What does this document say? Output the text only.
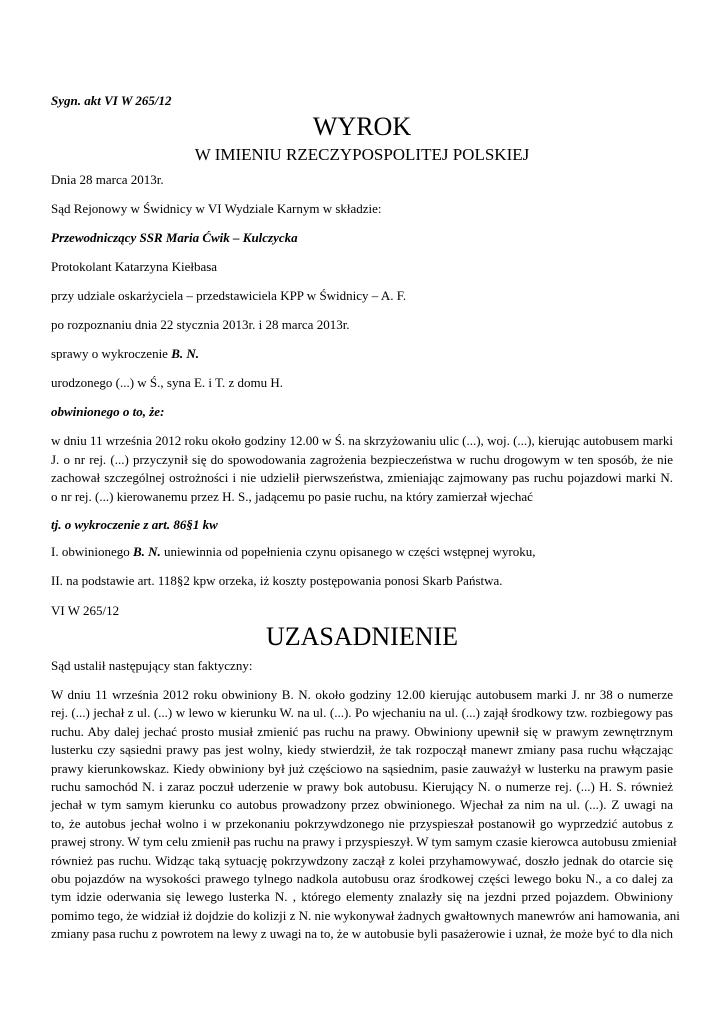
Sygn. akt VI W 265/12
WYROK
W IMIENIU RZECZYPOSPOLITEJ POLSKIEJ
Dnia 28 marca 2013r.
Sąd Rejonowy w Świdnicy w VI Wydziale Karnym w składzie:
Przewodniczący SSR Maria Ćwik – Kulczycka
Protokolant Katarzyna Kiełbasa
przy udziale oskarżyciela – przedstawiciela KPP w Świdnicy – A. F.
po rozpoznaniu dnia 22 stycznia 2013r. i 28 marca 2013r.
sprawy o wykroczenie B. N.
urodzonego (...) w Ś., syna E. i T. z domu H.
obwinionego o to, że:
w dniu 11 września 2012 roku około godziny 12.00 w Ś. na skrzyżowaniu ulic (...), woj. (...), kierując autobusem marki
J. o nr rej. (...) przyczynił się do spowodowania zagrożenia bezpieczeństwa w ruchu drogowym w ten sposób, że nie
zachował szczególnej ostrożności i nie udzielił pierwszeństwa, zmieniając zajmowany pas ruchu pojazdowi marki N.
o nr rej. (...) kierowanemu przez H. S., jadącemu po pasie ruchu, na który zamierzał wjechać
tj. o wykroczenie z art. 86§1 kw
I. obwinionego B. N. uniewinnia od popełnienia czynu opisanego w części wstępnej wyroku,
II. na podstawie art. 118§2 kpw orzeka, iż koszty postępowania ponosi Skarb Państwa.
VI W 265/12
UZASADNIENIE
Sąd ustalił następujący stan faktyczny:
W dniu 11 września 2012 roku obwiniony B. N. około godziny 12.00 kierując autobusem marki J. nr 38 o numerze
rej. (...) jechał z ul. (...) w lewo w kierunku W. na ul. (...). Po wjechaniu na ul. (...) zajął środkowy tzw. rozbiegowy pas
ruchu. Aby dalej jechać prosto musiał zmienić pas ruchu na prawy. Obwiniony upewnił się w prawym zewnętrznym
lusterku czy sąsiedni prawy pas jest wolny, kiedy stwierdził, że tak rozpoczął manewr zmiany pasa ruchu włączając
prawy kierunkowskaz. Kiedy obwiniony był już częściowo na sąsiednim, pasie zauważył w lusterku na prawym pasie
ruchu samochód N. i zaraz poczuł uderzenie w prawy bok autobusu. Kierujący N. o numerze rej. (...) H. S. również
jechał w tym samym kierunku co autobus prowadzony przez obwinionego. Wjechał za nim na ul. (...). Z uwagi na
to, że autobus jechał wolno i w przekonaniu pokrzywdzonego nie przyspieszał postanowił go wyprzedzić autobus z
prawej strony. W tym celu zmienił pas ruchu na prawy i przyspieszył. W tym samym czasie kierowca autobusu zmieniał
również pas ruchu. Widząc taką sytuację pokrzywdzony zaczął z kolei przyhamowywać, doszło jednak do otarcie się
obu pojazdów na wysokości prawego tylnego nadkola autobusu oraz środkowej części lewego boku N., a co dalej za
tym idzie oderwania się lewego lusterka N. , którego elementy znalazły się na jezdni przed pojazdem. Obwiniony
pomimo tego, że widział iż dojdzie do kolizji z N. nie wykonywał żadnych gwałtownych manewrów ani hamowania, ani
zmiany pasa ruchu z powrotem na lewy z uwagi na to, że w autobusie byli pasażerowie i uznał, że może być to dla nich
